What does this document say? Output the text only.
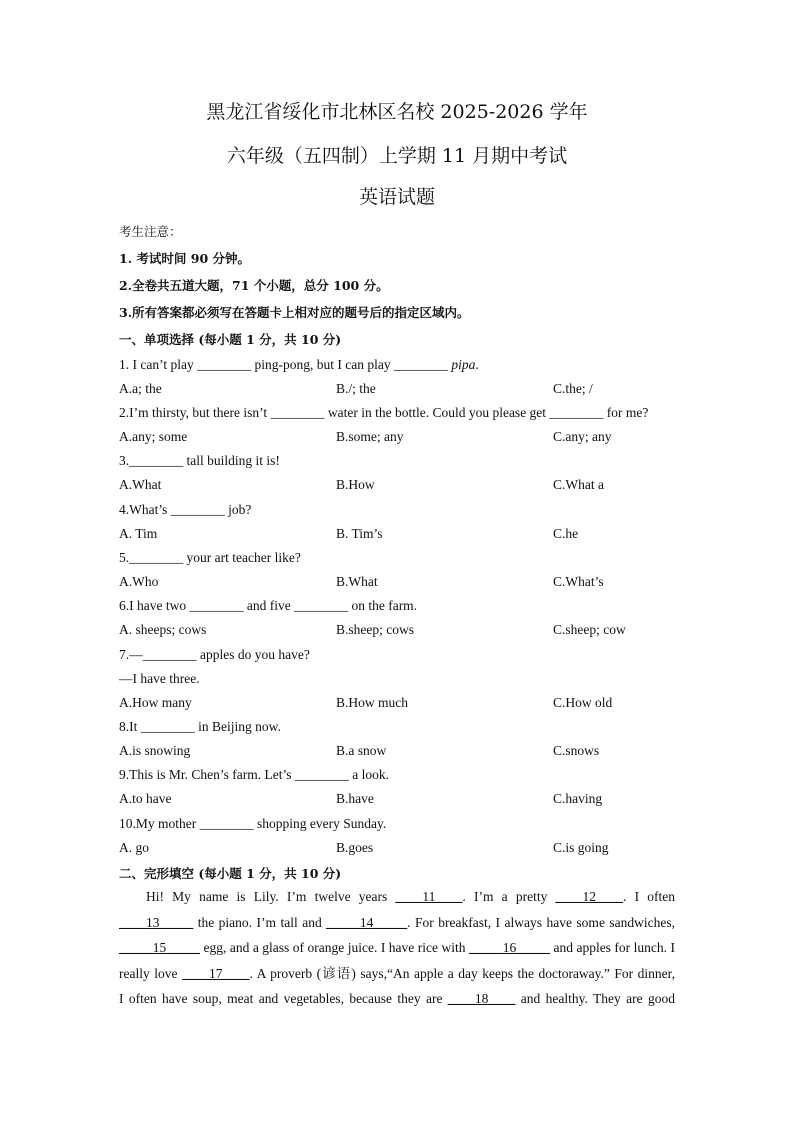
黑龙江省绥化市北林区名校 2025-2026 学年
六年级（五四制）上学期 11 月期中考试
英语试题
考生注意：
1. 考试时间 90 分钟。
2.全卷共五道大题，71 个小题，总分 100 分。
3.所有答案都必须写在答题卡上相对应的题号后的指定区域内。
一、单项选择 (每小题 1 分，共 10 分)
1. I can’t play ________ ping-pong, but I can play ________ pipa.
A.a; the	B./; the	C.the; /
2.I’m thirsty, but there isn’t ________ water in the bottle. Could you please get ________ for me?
A.any; some	B.some; any	C.any; any
3.________ tall building it is!
A.What	B.How	C.What a
4.What’s ________ job?
A. Tim	B. Tim’s	C.he
5.________ your art teacher like?
A.Who	B.What	C.What’s
6.I have two ________ and five ________ on the farm.
A. sheeps; cows	B.sheep; cows	C.sheep; cow
7.—________ apples do you have?
—I have three.
A.How many	B.How much	C.How old
8.It ________ in Beijing now.
A.is snowing	B.a snow	C.snows
9.This is Mr. Chen’s farm. Let’s ________ a look.
A.to have	B.have	C.having
10.My mother ________ shopping every Sunday.
A. go	B.goes	C.is going
二、完形填空 (每小题 1 分，共 10 分)
Hi! My name is Lily. I’m twelve years ____11____. I’m a pretty ____12____. I often
____13_____ the piano. I’m tall and _____14_____. For breakfast, I always have some sandwiches,
_____15_____ egg, and a glass of orange juice. I have rice with _____16_____ and apples for lunch. I
really love ____17____. A proverb (谚语) says,“An apple a day keeps the doctoraway.” For dinner,
I often have soup, meat and vegetables, because they are ____18____ and healthy. They are good
